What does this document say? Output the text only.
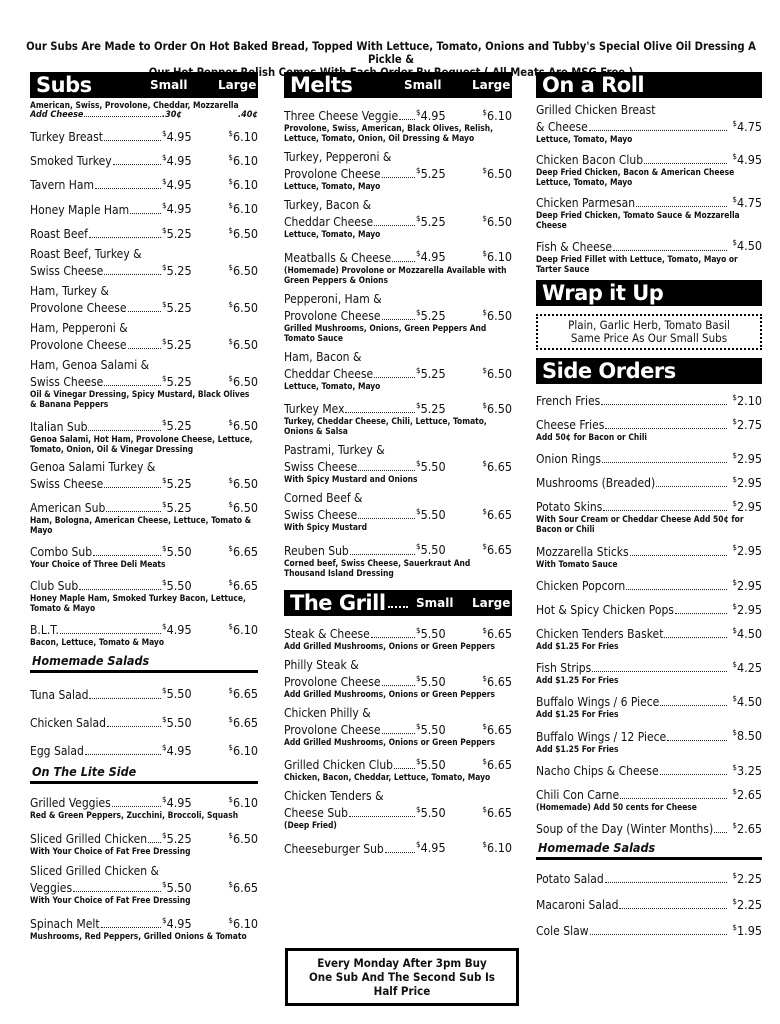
Our Subs Are Made to Order On Hot Baked Bread, Topped With Lettuce, Tomato, Onions and Tubby's Special Olive Oil Dressing A Pickle &
Meats
Subs	Small	Large
American, Swiss, Provolone, Cheddar, Mozzarella
Add Cheese	.30¢	.40¢
Turkey Breast	$4.95	$6.10
Smoked Turkey	$4.95	$6.10
Tavern Ham	$4.95	$6.10
Honey Maple Ham	$4.95	$6.10
Roast Beef	$5.25	$6.50
Roast Beef, Turkey &
Swiss Cheese	$5.25	$6.50
Ham, Turkey &
Provolone Cheese	$5.25	$6.50
Ham, Pepperoni &
Provolone Cheese	$5.25	$6.50
Ham, Genoa Salami &
Swiss Cheese	$5.25	$6.50
Oil & Vinegar Dressing, Spicy Mustard, Black Olives & Banana Peppers
Italian Sub	$5.25	$6.50
Genoa Salami, Hot Ham, Provolone Cheese, Lettuce, Tomato, Onion, Oil & Vinegar Dressing
Genoa Salami Turkey &
Swiss Cheese	$5.25	$6.50
American Sub	$5.25	$6.50
Ham, Bologna, American Cheese, Lettuce, Tomato & Mayo
Combo Sub	$5.50	$6.65
Your Choice of Three Deli Meats
Club Sub	$5.50	$6.65
Honey Maple Ham, Smoked Turkey Bacon, Lettuce, Tomato & Mayo
B.L.T.	$4.95	$6.10
Bacon, Lettuce, Tomato & Mayo
Homemade Salads
Tuna Salad	$5.50	$6.65
Chicken Salad	$5.50	$6.65
Egg Salad	$4.95	$6.10
On The Lite Side
Grilled Veggies	$4.95	$6.10
Red & Green Peppers, Zucchini, Broccoli, Squash
Sliced Grilled Chicken $5.25	$6.50
With Your Choice of Fat Free Dressing
Sliced Grilled Chicken &
Veggies	$5.50	$6.65
With Your Choice of Fat Free Dressing
Spinach Melt	$4.95	$6.10
Mushrooms, Red Peppers, Grilled Onions & Tomato
Melts	Small	Large
Three Cheese Veggie $4.95	$6.10
Provolone, Swiss, American, Black Olives, Relish, Lettuce, Tomato, Onion, Oil Dressing & Mayo
Turkey, Pepperoni &
Provolone Cheese	$5.25	$6.50
Lettuce, Tomato, Mayo
Turkey, Bacon &
Cheddar Cheese	$5.25	$6.50
Lettuce, Tomato, Mayo
Meatballs & Cheese	$4.95	$6.10
(Homemade) Provolone or Mozzarella Available with Green Peppers & Onions
Pepperoni, Ham &
Provolone Cheese	$5.25	$6.50
Grilled Mushrooms, Onions, Green Peppers And Tomato Sauce
Ham, Bacon &
Cheddar Cheese	$5.25	$6.50
Lettuce, Tomato, Mayo
Turkey Mex	$5.25	$6.50
Turkey, Cheddar Cheese, Chili, Lettuce, Tomato, Onions & Salsa
Pastrami, Turkey &
Swiss Cheese	$5.50	$6.65
With Spicy Mustard and Onions
Corned Beef &
Swiss Cheese	$5.50	$6.65
With Spicy Mustard
Reuben Sub	$5.50	$6.65
Corned beef, Swiss Cheese, Sauerkraut And Thousand Island Dressing
The Grill	Small	Large
Steak & Cheese	$5.50	$6.65
Add Grilled Mushrooms, Onions or Green Peppers
Philly Steak &
Provolone Cheese	$5.50	$6.65
Add Grilled Mushrooms, Onions or Green Peppers
Chicken Philly &
Provolone Cheese	$5.50	$6.65
Add Grilled Mushrooms, Onions or Green Peppers
Grilled Chicken Club	$5.50	$6.65
Chicken, Bacon, Cheddar, Lettuce, Tomato, Mayo
Chicken Tenders &
Cheese Sub	$5.50	$6.65
(Deep Fried)
Cheeseburger Sub	$4.95	$6.10
Every Monday After 3pm Buy
One Sub And The Second Sub Is
Half Price
On a Roll
Grilled Chicken Breast
& Cheese	$4.75
Lettuce, Tomato, Mayo
Chicken Bacon Club	$4.95
Deep Fried Chicken, Bacon & American Cheese Lettuce, Tomato, Mayo
Chicken Parmesan	$4.75
Deep Fried Chicken, Tomato Sauce & Mozzarella Cheese
Fish & Cheese	$4.50
Deep Fried Fillet with Lettuce, Tomato, Mayo or Tarter Sauce
Wrap it Up
Plain, Garlic Herb, Tomato Basil
Same Price As Our Small Subs
Side Orders
French Fries	$2.10
Cheese Fries	$2.75
Add 50¢ for Bacon or Chili
Onion Rings	$2.95
Mushrooms (Breaded)	$2.95
Potato Skins	$2.95
With Sour Cream or Cheddar Cheese Add 50¢ for Bacon or Chili
Mozzarella Sticks	$2.95
With Tomato Sauce
Chicken Popcorn	$2.95
Hot & Spicy Chicken Pops	$2.95
Chicken Tenders Basket	$4.50
Add $1.25 For Fries
Fish Strips	$4.25
Add $1.25 For Fries
Buffalo Wings / 6 Piece	$4.50
Add $1.25 For Fries
Buffalo Wings / 12 Piece	$8.50
Add $1.25 For Fries
Nacho Chips & Cheese	$3.25
Chili Con Carne	$2.65
(Homemade) Add 50 cents for Cheese
Soup of the Day (Winter Months)	$2.65
Homemade Salads
Potato Salad	$2.25
Macaroni Salad	$2.25
Cole Slaw	$1.95
